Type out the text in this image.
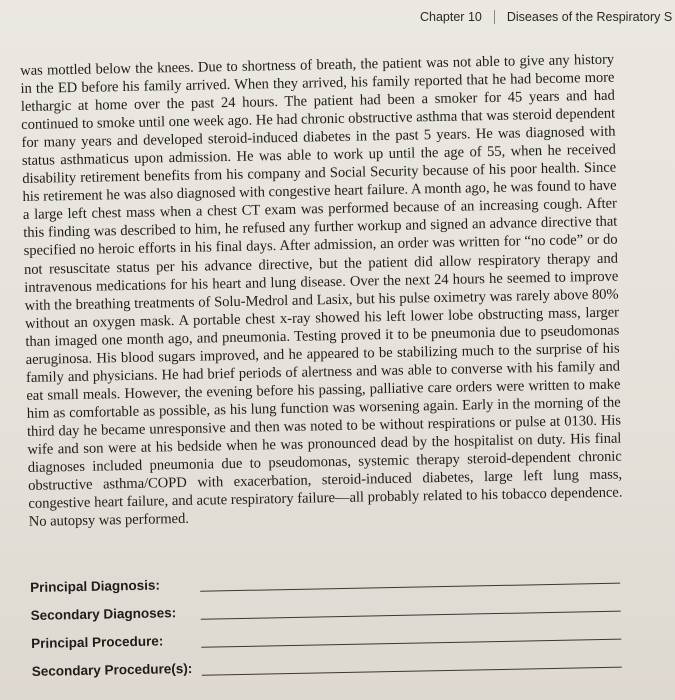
Chapter 10 Diseases of the Respiratory S
was mottled below the knees. Due to shortness of breath, the patient was not able to give any history in the ED before his family arrived. When they arrived, his family reported that he had become more lethargic at home over the past 24 hours. The patient had been a smoker for 45 years and had continued to smoke until one week ago. He had chronic obstructive asthma that was steroid dependent for many years and developed steroid-induced diabetes in the past 5 years. He was diagnosed with status asthmaticus upon admission. He was able to work up until the age of 55, when he received disability retirement benefits from his company and Social Security because of his poor health. Since his retirement he was also diagnosed with congestive heart failure. A month ago, he was found to have a large left chest mass when a chest CT exam was performed because of an increasing cough. After this finding was described to him, he refused any further workup and signed an advance directive that specified no heroic efforts in his final days. After admission, an order was written for “no code” or do not resuscitate status per his advance directive, but the patient did allow respiratory therapy and intravenous medications for his heart and lung disease. Over the next 24 hours he seemed to improve with the breathing treatments of Solu-Medrol and Lasix, but his pulse oximetry was rarely above 80% without an oxygen mask. A portable chest x-ray showed his left lower lobe obstructing mass, larger than imaged one month ago, and pneumonia. Testing proved it to be pneumonia due to pseudomonas aeruginosa. His blood sugars improved, and he appeared to be stabilizing much to the surprise of his family and physicians. He had brief periods of alertness and was able to converse with his family and eat small meals. However, the evening before his passing, palliative care orders were written to make him as comfortable as possible, as his lung function was worsening again. Early in the morning of the third day he became unresponsive and then was noted to be without respirations or pulse at 0130. His wife and son were at his bedside when he was pronounced dead by the hospitalist on duty. His final diagnoses included pneumonia due to pseudomonas, systemic therapy steroid-dependent chronic obstructive asthma/COPD with exacerbation, steroid-induced diabetes, large left lung mass, congestive heart failure, and acute respiratory failure—all probably related to his tobacco dependence. No autopsy was performed.
Principal Diagnosis:
Secondary Diagnoses:
Principal Procedure:
Secondary Procedure(s):
